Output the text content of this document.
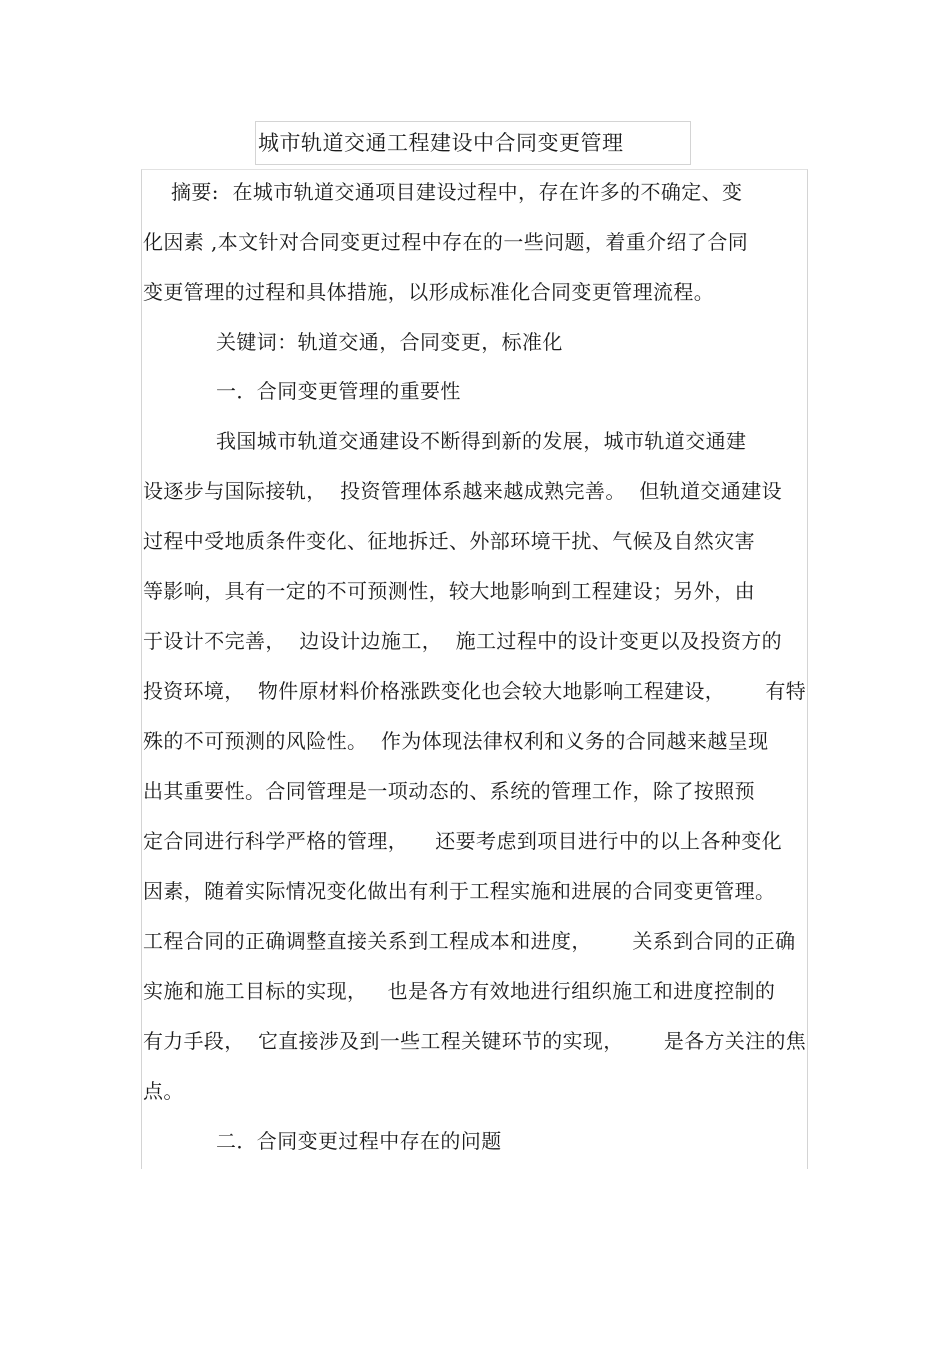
城市轨道交通工程建设中合同变更管理
摘要:  在城市轨道交通项目建设过程中，存在许多的不确定、变
化因素 ,本文针对合同变更过程中存在的一些问题，着重介绍了合同
变更管理的过程和具体措施，以形成标准化合同变更管理流程。
关键词：轨道交通，合同变更，标准化
一．合同变更管理的重要性
我国城市轨道交通建设不断得到新的发展，城市轨道交通建
设逐步与国际接轨，  投资管理体系越来越成熟完善。  但轨道交通建设
过程中受地质条件变化、征地拆迁、外部环境干扰、气候及自然灾害
等影响，具有一定的不可预测性，较大地影响到工程建设；另外，由
于设计不完善，  边设计边施工，  施工过程中的设计变更以及投资方的
投资环境，  物件原材料价格涨跌变化也会较大地影响工程建设，      有特
殊的不可预测的风险性。  作为体现法律权利和义务的合同越来越呈现
出其重要性。合同管理是一项动态的、系统的管理工作，除了按照预
定合同进行科学严格的管理，    还要考虑到项目进行中的以上各种变化
因素，随着实际情况变化做出有利于工程实施和进展的合同变更管理。
工程合同的正确调整直接关系到工程成本和进度，      关系到合同的正确
实施和施工目标的实现，   也是各方有效地进行组织施工和进度控制的
有力手段，  它直接涉及到一些工程关键环节的实现，      是各方关注的焦
点。
二．合同变更过程中存在的问题
